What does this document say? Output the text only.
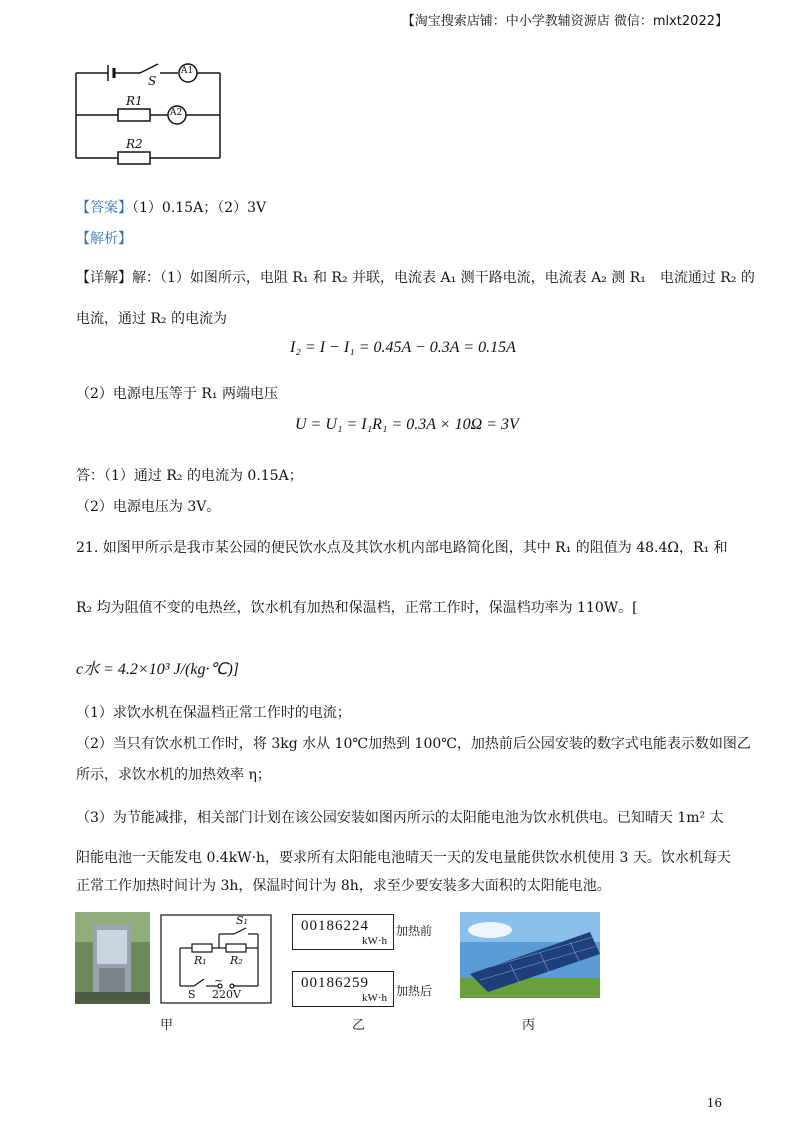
【淘宝搜索店铺：中小学教辅资源店 微信：mlxt2022】
S
A1
R1
A2
R2
【答案】（1）0.15A；（2）3V
【解析】
【详解】解：（1）如图所示，电阻 R₁ 和 R₂ 并联，电流表 A₁ 测干路电流，电流表 A₂ 测 R₁　电流通过 R₂ 的
电流，通过 R₂ 的电流为
I₂ = I − I₁ = 0.45A − 0.3A = 0.15A
（2）电源电压等于 R₁ 两端电压
U = U₁ = I₁R₁ = 0.3A × 10Ω = 3V
答：（1）通过 R₂ 的电流为 0.15A；
（2）电源电压为 3V。
21. 如图甲所示是我市某公园的便民饮水点及其饮水机内部电路简化图，其中 R₁ 的阻值为 48.4Ω，R₁ 和
R₂ 均为阻值不变的电热丝，饮水机有加热和保温档，正常工作时，保温档功率为 110W。[
c水 = 4.2×10³ J/(kg·℃)]
（1）求饮水机在保温档正常工作时的电流；
（2）当只有饮水机工作时，将 3kg 水从 10℃加热到 100℃，加热前后公园安装的数字式电能表示数如图乙
所示，求饮水机的加热效率 η；
（3）为节能减排，相关部门计划在该公园安装如图丙所示的太阳能电池为饮水机供电。已知晴天 1m² 太
阳能电池一天能发电 0.4kW·h，要求所有太阳能电池晴天一天的发电量能供饮水机使用 3 天。饮水机每天
正常工作加热时间计为 3h，保温时间计为 8h，求至少要安装多大面积的太阳能电池。
S₁
R₁ R₂
S
~
220V
甲
00186224
kW·h
加热前
00186259
kW·h 加热后
乙	丙
16
